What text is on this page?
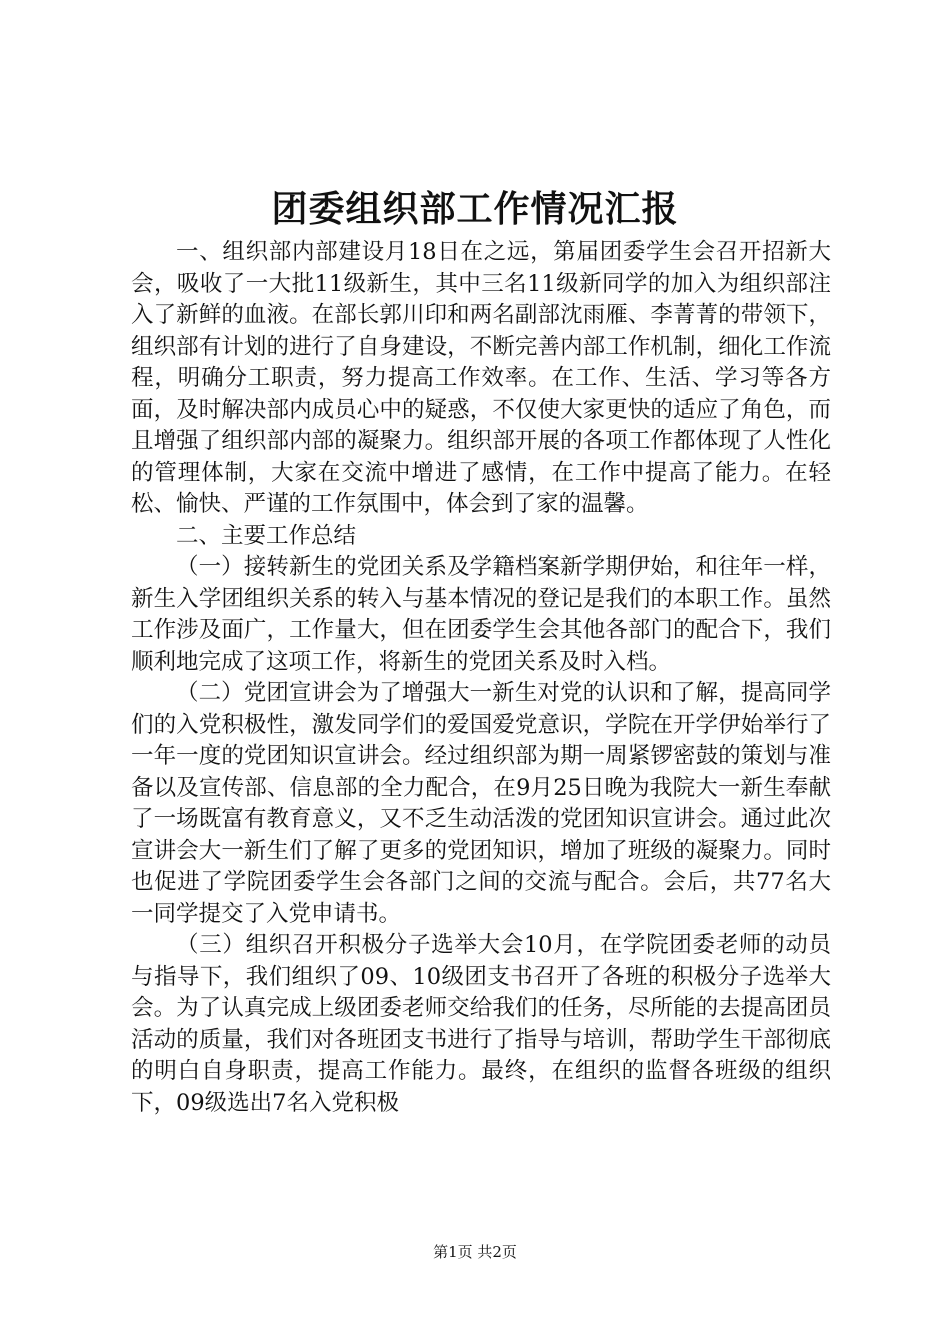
团委组织部工作情况汇报

一、组织部内部建设月18日在之远，第届团委学生会召开招新大会，吸收了一大批11级新生，其中三名11级新同学的加入为组织部注入了新鲜的血液。在部长郭川印和两名副部沈雨雁、李菁菁的带领下，组织部有计划的进行了自身建设，不断完善内部工作机制，细化工作流程，明确分工职责，努力提高工作效率。在工作、生活、学习等各方面，及时解决部内成员心中的疑惑，不仅使大家更快的适应了角色，而且增强了组织部内部的凝聚力。组织部开展的各项工作都体现了人性化的管理体制，大家在交流中增进了感情，在工作中提高了能力。在轻松、愉快、严谨的工作氛围中，体会到了家的温馨。

二、主要工作总结

（一）接转新生的党团关系及学籍档案新学期伊始，和往年一样，新生入学团组织关系的转入与基本情况的登记是我们的本职工作。虽然工作涉及面广，工作量大，但在团委学生会其他各部门的配合下，我们顺利地完成了这项工作，将新生的党团关系及时入档。

（二）党团宣讲会为了增强大一新生对党的认识和了解，提高同学们的入党积极性，激发同学们的爱国爱党意识，学院在开学伊始举行了一年一度的党团知识宣讲会。经过组织部为期一周紧锣密鼓的策划与准备以及宣传部、信息部的全力配合，在9月25日晚为我院大一新生奉献了一场既富有教育意义，又不乏生动活泼的党团知识宣讲会。通过此次宣讲会大一新生们了解了更多的党团知识，增加了班级的凝聚力。同时也促进了学院团委学生会各部门之间的交流与配合。会后，共77名大一同学提交了入党申请书。

（三）组织召开积极分子选举大会10月，在学院团委老师的动员与指导下，我们组织了09、10级团支书召开了各班的积极分子选举大会。为了认真完成上级团委老师交给我们的任务，尽所能的去提高团员活动的质量，我们对各班团支书进行了指导与培训，帮助学生干部彻底的明白自身职责，提高工作能力。最终，在组织的监督各班级的组织下，09级选出7名入党积极

第1页 共2页
